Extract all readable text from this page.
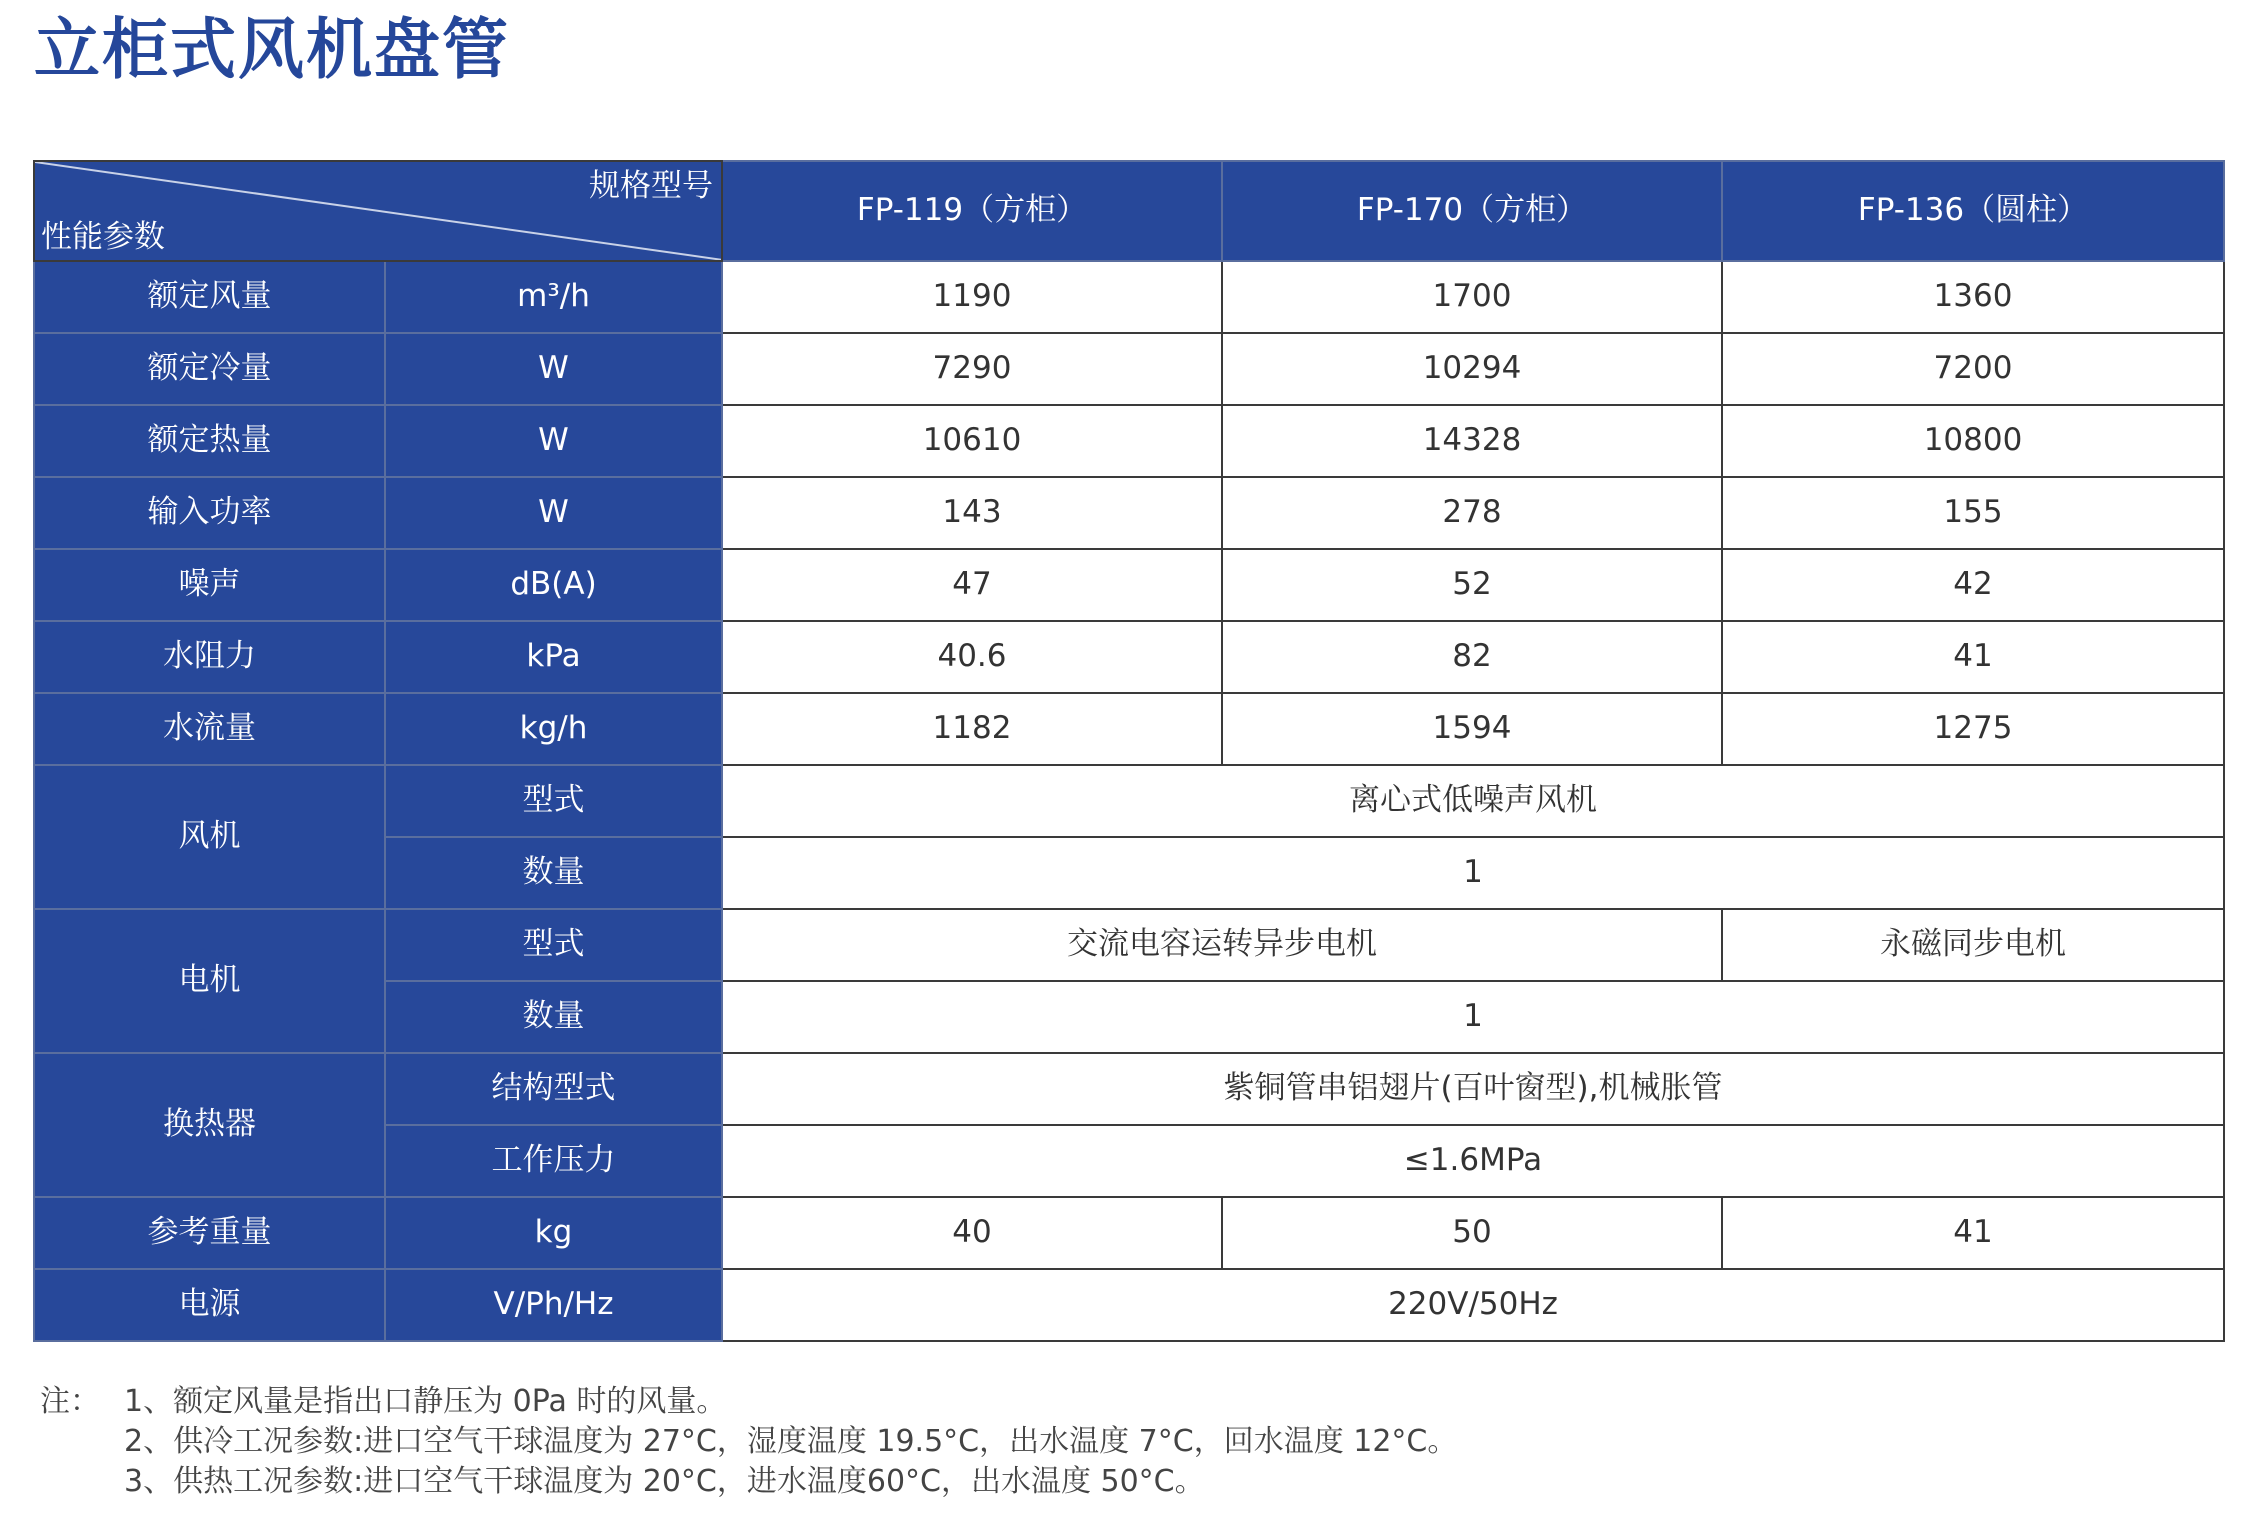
立柜式风机盘管
规格型号
性能参数		FP-119（方柜）	FP-170（方柜）	FP-136（圆柱）
额定风量	m³/h	1190	1700	1360
额定冷量	W	7290	10294	7200
额定热量	W	10610	14328	10800
输入功率	W	143	278	155
噪声	dB(A)	47	52	42
水阻力	kPa	40.6	82	41
水流量	kg/h	1182	1594	1275
风机	型式	离心式低噪声风机		
	数量	1		
电机	型式	交流电容运转异步电机		永磁同步电机
	数量	1		
换热器	结构型式	紫铜管串铝翅片(百叶窗型),机械胀管		
	工作压力	≤1.6MPa		
参考重量	kg	40	50	41
电源	V/Ph/Hz	220V/50Hz		
注： 1、额定风量是指出口静压为 0Pa 时的风量。
2、供冷工况参数:进口空气干球温度为 27°C，湿度温度 19.5°C，出水温度 7°C，回水温度 12°C。
3、供热工况参数:进口空气干球温度为 20°C，进水温度60°C，出水温度 50°C。
